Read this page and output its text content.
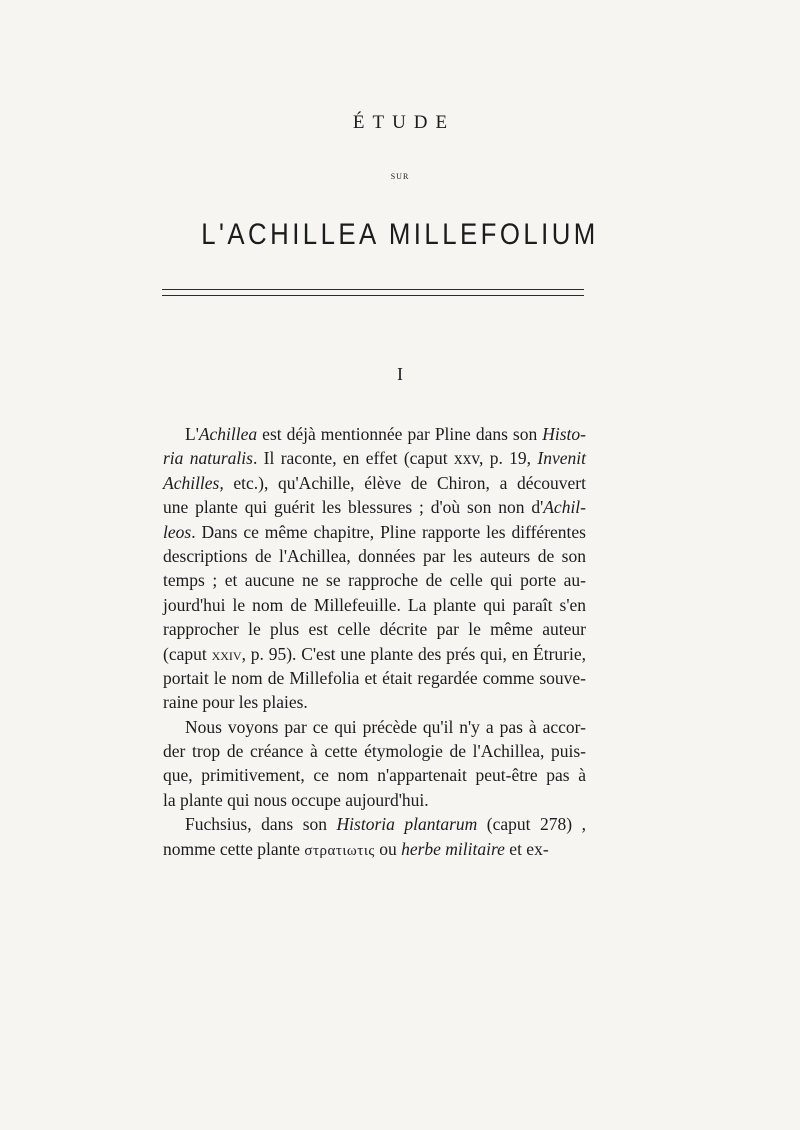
ÉTUDE
SUR
L'ACHILLEA MILLEFOLIUM
I
L'Achillea est déjà mentionnée par Pline dans son Histo-
ria naturalis. Il raconte, en effet (caput xxv, p. 19, Invenit
Achilles, etc.), qu'Achille, élève de Chiron, a découvert
une plante qui guérit les blessures ; d'où son non d'Achil-
leos. Dans ce même chapitre, Pline rapporte les différentes
descriptions de l'Achillea, données par les auteurs de son
temps ; et aucune ne se rapproche de celle qui porte au-
jourd'hui le nom de Millefeuille. La plante qui paraît s'en
rapprocher le plus est celle décrite par le même auteur
(caput xxiv, p. 95). C'est une plante des prés qui, en Étrurie,
portait le nom de Millefolia et était regardée comme souve-
raine pour les plaies.
Nous voyons par ce qui précède qu'il n'y a pas à accor-
der trop de créance à cette étymologie de l'Achillea, puis-
que, primitivement, ce nom n'appartenait peut-être pas à
la plante qui nous occupe aujourd'hui.
Fuchsius, dans son Historia plantarum (caput 278) ,
nomme cette plante στρατιωτις ou herbe militaire et ex-
